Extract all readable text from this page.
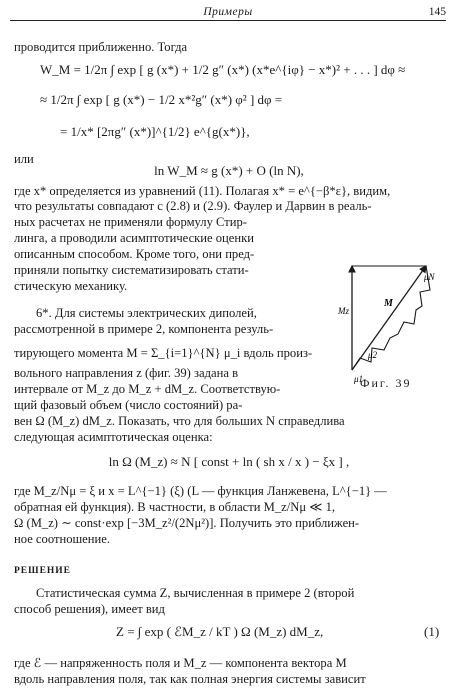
Примеры	145
проводится приближенно. Тогда
W_M = 1/2π ∫ exp [ g (x*) + 1/2 g″ (x*) (x*e^{iφ} − x*)² + . . . ] dφ ≈
≈ 1/2π ∫ exp [ g (x*) − 1/2 x*²g″ (x*) φ² ] dφ =
= 1/x* [2πg″ (x*)]^{1/2} e^{g(x*)},
или
ln W_M ≈ g (x*) + O (ln N),
где x* определяется из уравнений (11). Полагая x* = e^{−β*ε}, видим,
что результаты совпадают с (2.8) и (2.9). Фаулер и Дарвин в реаль-
ных расчетах не применяли формулу Стир-
линга, а проводили асимптотические оценки
описанным способом. Кроме того, они пред-
приняли попытку систематизировать стати-
стическую механику.
6*. Для системы электрических диполей,
рассмотренной в примере 2, компонента резуль-
тирующего момента M = Σ_{i=1}^{N} μ_i вдоль произ-
вольного направления z (фиг. 39) задана в
интервале от M_z до M_z + dM_z. Соответствую-
щий фазовый объем (число состояний) ра-
вен Ω (M_z) dM_z. Показать, что для больших N справедлива
следующая асимптотическая оценка:
ln Ω (M_z) ≈ N [ const + ln ( sh x / x ) − ξx ] ,
где M_z/Nμ = ξ и x = L^{−1} (ξ) (L — функция Ланжевена, L^{−1} —
обратная ей функция). В частности, в области M_z/Nμ ≪ 1,
Ω (M_z) ∼ const·exp [−3M_z²/(2Nμ²)]. Получить это приближен-
ное соотношение.
РЕШЕНИЕ
Статистическая сумма Z, вычисленная в примере 2 (второй
способ решения), имеет вид
Z = ∫ exp ( ℰM_z / kT ) Ω (M_z) dM_z,	(1)
где ℰ — напряженность поля и M_z — компонента вектора M
вдоль направления поля, так как полная энергия системы зависит
μN
M
Mz
μ2
μ1
Фиг. 39
